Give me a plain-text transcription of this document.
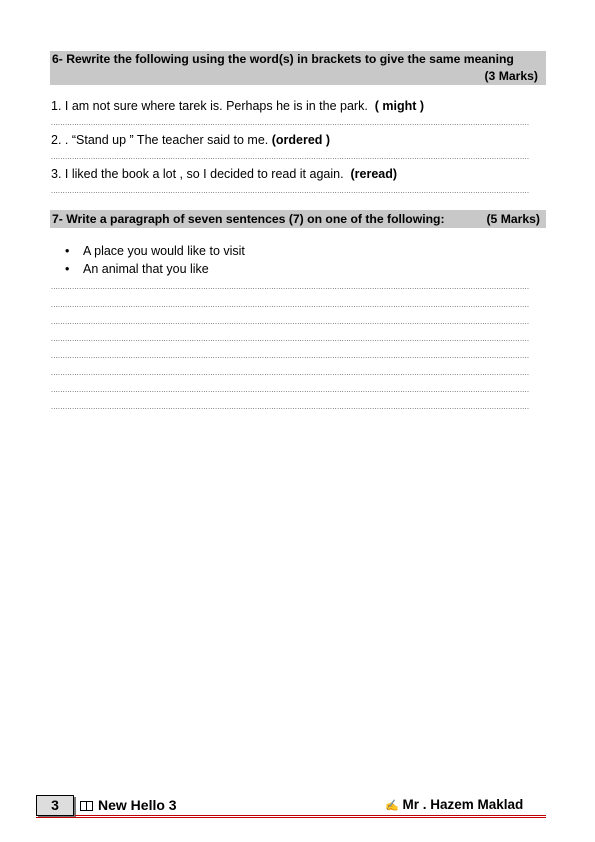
6- Rewrite the following using the word(s) in brackets to give the same meaning
(3 Marks)
1. I am not sure where tarek is. Perhaps he is in the park. ( might )
............................................................................................................................................................................................................
2. . “Stand up ” The teacher said to me. (ordered )
............................................................................................................................................................................................................
3. I liked the book a lot , so I decided to read it again. (reread)
............................................................................................................................................................................................................
7- Write a paragraph of seven sentences (7) on one of the following:	(5 Marks)
• A place you would like to visit
• An animal that you like
............................................................................................................................................................................................................
............................................................................................................................................................................................................
............................................................................................................................................................................................................
............................................................................................................................................................................................................
............................................................................................................................................................................................................
............................................................................................................................................................................................................
............................................................................................................................................................................................................
............................................................................................................................................................................................................
3	New Hello 3	✍ Mr . Hazem Maklad
